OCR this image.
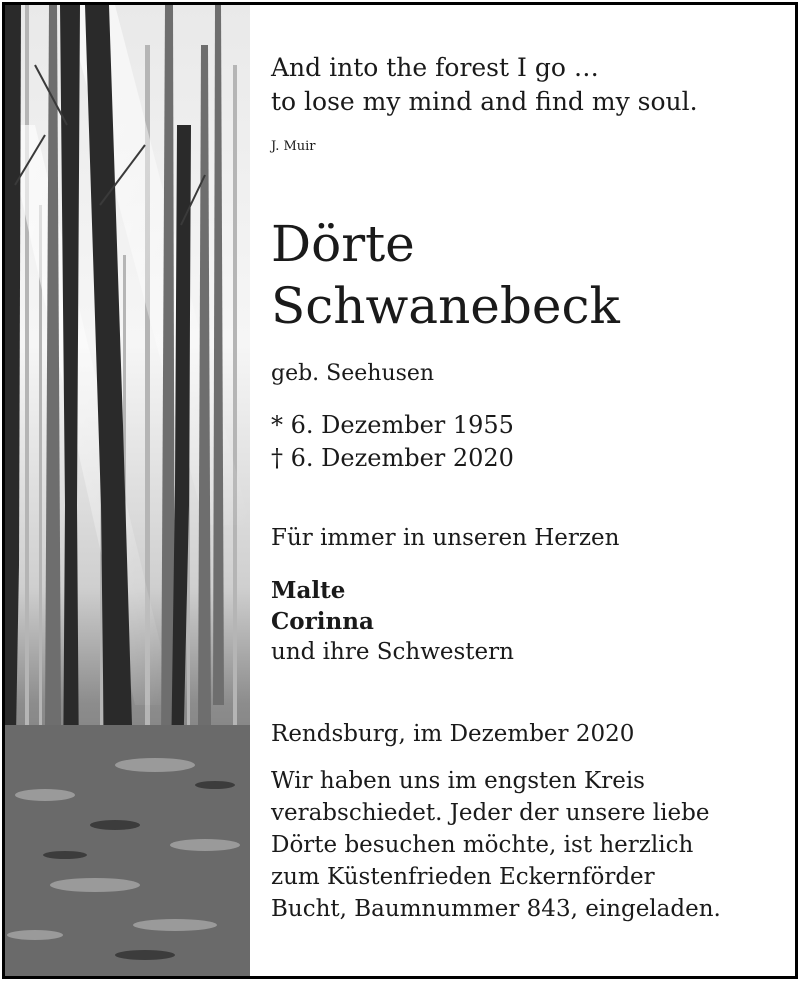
And into the forest I go …
to lose my mind and find my soul.
J. Muir
Dörte
Schwanebeck
geb. Seehusen
* 6. Dezember 1955
† 6. Dezember 2020
Für immer in unseren Herzen
Malte
Corinna
und ihre Schwestern
Rendsburg, im Dezember 2020
Wir haben uns im engsten Kreis
verabschiedet. Jeder der unsere liebe
Dörte besuchen möchte, ist herzlich
zum Küstenfrieden Eckernförder
Bucht, Baumnummer 843, eingeladen.
